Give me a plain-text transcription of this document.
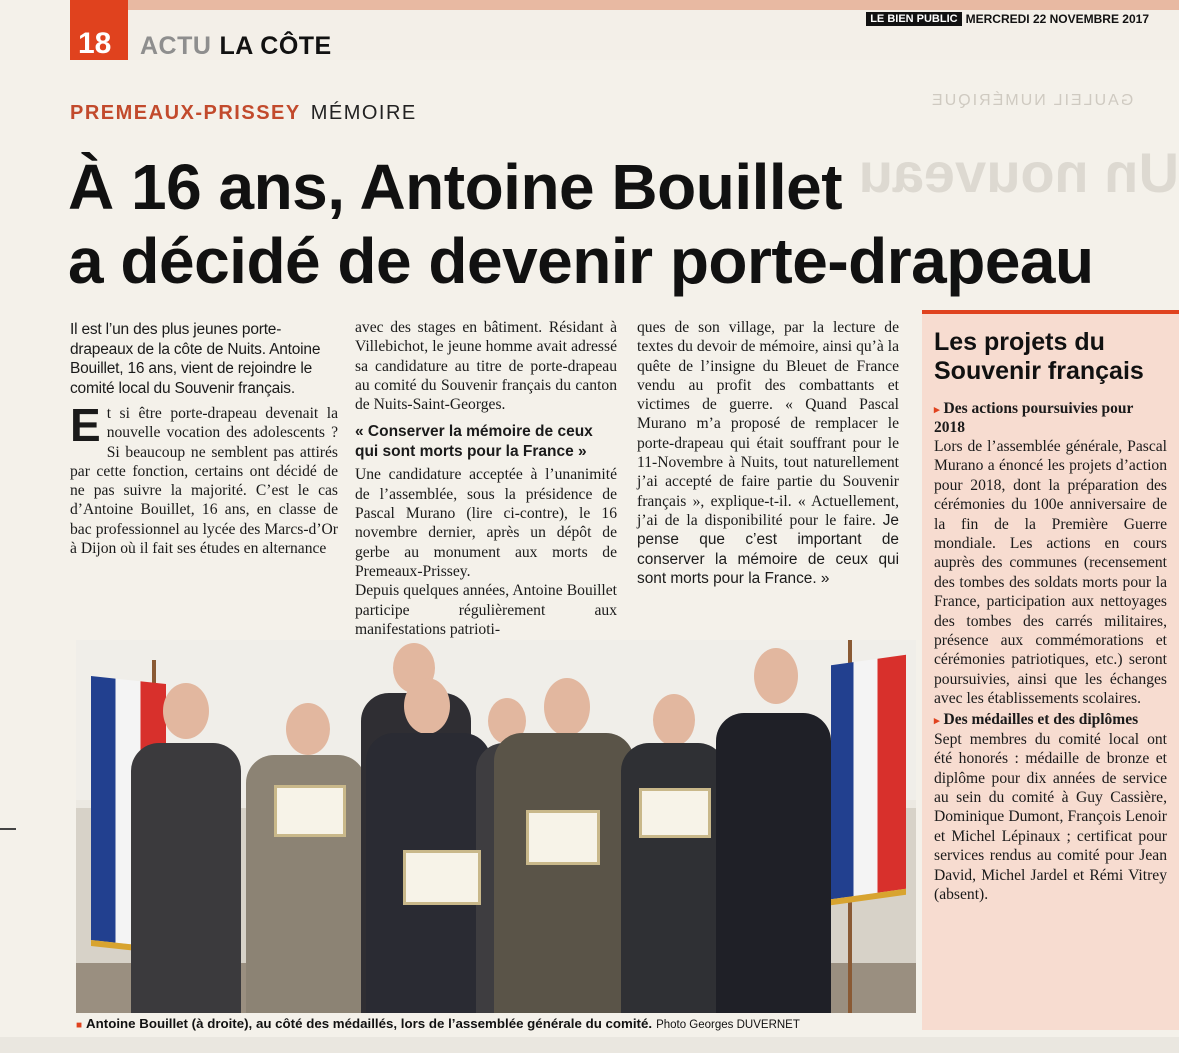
18 ACTU LA CÔTE
LE BIEN PUBLIC MERCREDI 22 NOVEMBRE 2017
GAULEIL NUMÉRIQUE
Un nouveau
PREMEAUX-PRISSEY MÉMOIRE
À 16 ans, Antoine Bouillet
a décidé de devenir porte-drapeau
Il est l’un des plus jeunes porte-drapeaux de la côte de Nuits. Antoine Bouillet, 16 ans, vient de rejoindre le comité local du Souvenir français.
E t si être porte-drapeau devenait la nouvelle vocation des adolescents ? Si beaucoup ne semblent pas attirés par cette fonction, certains ont décidé de ne pas suivre la majorité. C’est le cas d’Antoine Bouillet, 16 ans, en classe de bac professionnel au lycée des Marcs-d’Or à Dijon où il fait ses études en alternance
avec des stages en bâtiment. Résidant à Villebichot, le jeune homme avait adressé sa candidature au titre de porte-drapeau au comité du Souvenir français du canton de Nuits-Saint-Georges.
« Conserver la mémoire de ceux qui sont morts pour la France »
Une candidature acceptée à l’unanimité de l’assemblée, sous la présidence de Pascal Murano (lire ci-contre), le 16 novembre dernier, après un dépôt de gerbe au monument aux morts de Premeaux-Prissey.
Depuis quelques années, Antoine Bouillet participe régulièrement aux manifestations patrioti-
ques de son village, par la lecture de textes du devoir de mémoire, ainsi qu’à la quête de l’insigne du Bleuet de France vendu au profit des combattants et victimes de guerre. « Quand Pascal Murano m’a proposé de remplacer le porte-drapeau qui était souffrant pour le 11-Novembre à Nuits, tout naturellement j’ai accepté de faire partie du Souvenir français », explique-t-il. « Actuellement, j’ai de la disponibilité pour le faire. Je pense que c’est important de conserver la mémoire de ceux qui sont morts pour la France. »
Les projets du Souvenir français
▸ Des actions poursuivies pour 2018

Lors de l’assemblée générale, Pascal Murano a énoncé les projets d’action pour 2018, dont la préparation des cérémonies du 100e anniversaire de la fin de la Première Guerre mondiale. Les actions en cours auprès des communes (recensement des tombes des soldats morts pour la France, participation aux nettoyages des tombes des carrés militaires, présence aux commémorations et cérémonies patriotiques, etc.) seront poursuivies, ainsi que les échanges avec les établissements scolaires.

▸ Des médailles et des diplômes

Sept membres du comité local ont été honorés : médaille de bronze et diplôme pour dix années de service au sein du comité à Guy Cassière, Dominique Dumont, François Lenoir et Michel Lépinaux ; certificat pour services rendus au comité pour Jean David, Michel Jardel et Rémi Vitrey (absent).

■ Antoine Bouillet (à droite), au côté des médaillés, lors de l’assemblée générale du comité. Photo Georges DUVERNET
